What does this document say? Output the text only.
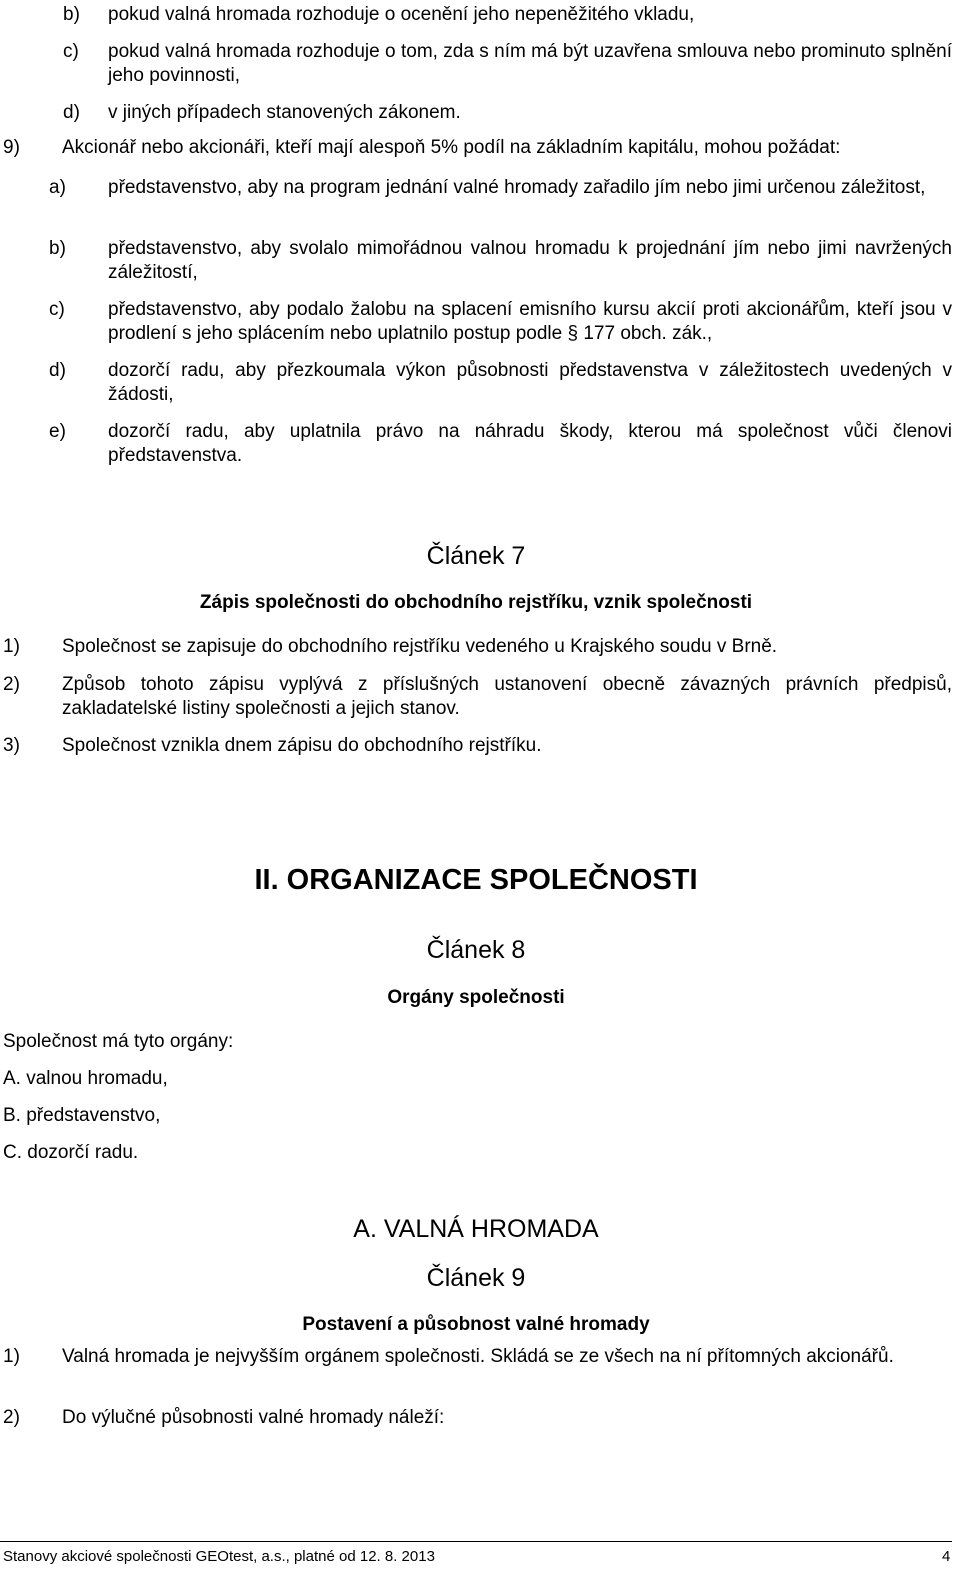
b) pokud valná hromada rozhoduje o ocenění jeho nepeněžitého vkladu,
c) pokud valná hromada rozhoduje o tom, zda s ním má být uzavřena smlouva nebo prominuto splnění jeho povinnosti,
d) v jiných případech stanovených zákonem.
9) Akcionář nebo akcionáři, kteří mají alespoň 5% podíl na základním kapitálu, mohou požádat:
a) představenstvo, aby na program jednání valné hromady zařadilo jím nebo jimi určenou záležitost,
b) představenstvo, aby svolalo mimořádnou valnou hromadu k projednání jím nebo jimi navržených záležitostí,
c) představenstvo, aby podalo žalobu na splacení emisního kursu akcií proti akcionářům, kteří jsou v prodlení s jeho splácením nebo uplatnilo postup podle § 177 obch. zák.,
d) dozorčí radu, aby přezkoumala výkon působnosti představenstva v záležitostech uvedených v žádosti,
e) dozorčí radu, aby uplatnila právo na náhradu škody, kterou má společnost vůči členovi představenstva.
Článek 7
Zápis společnosti do obchodního rejstříku, vznik společnosti
1) Společnost se zapisuje do obchodního rejstříku vedeného u Krajského soudu v Brně.
2) Způsob tohoto zápisu vyplývá z příslušných ustanovení obecně závazných právních předpisů, zakladatelské listiny společnosti a jejich stanov.
3) Společnost vznikla dnem zápisu do obchodního rejstříku.
II. ORGANIZACE SPOLEČNOSTI
Článek 8
Orgány společnosti
Společnost má tyto orgány:
A. valnou hromadu,
B. představenstvo,
C. dozorčí radu.
A. VALNÁ HROMADA
Článek 9
Postavení a působnost valné hromady
1) Valná hromada je nejvyšším orgánem společnosti. Skládá se ze všech na ní přítomných akcionářů.
2) Do výlučné působnosti valné hromady náleží:
Stanovy akciové společnosti GEOtest, a.s., platné od 12. 8. 2013	4
